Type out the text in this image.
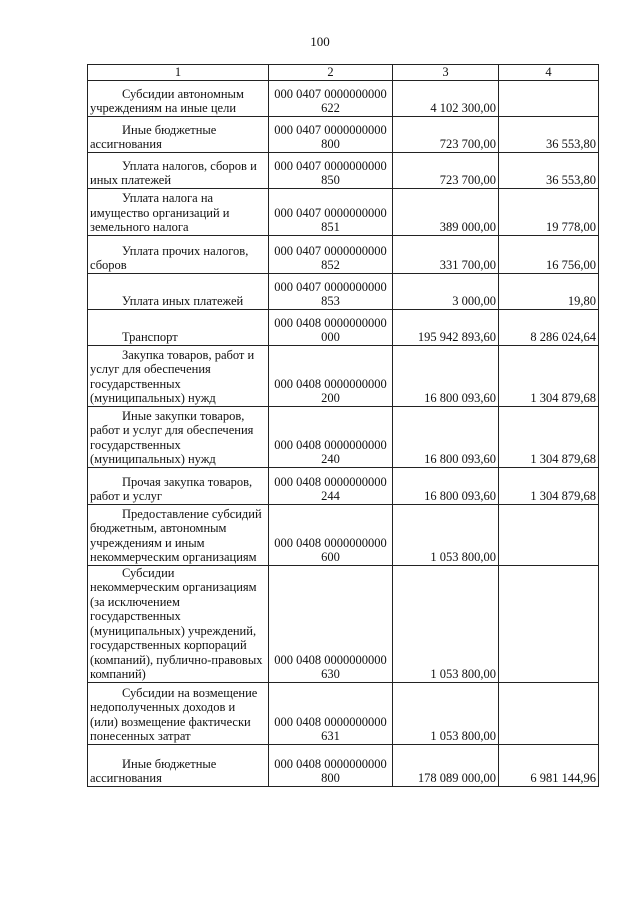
100
1	2	3	4
Субсидии автономным учреждениям на иные цели	000 0407 0000000000 622	4 102 300,00	
Иные бюджетные ассигнования	000 0407 0000000000 800	723 700,00	36 553,80
Уплата налогов, сборов и иных платежей	000 0407 0000000000 850	723 700,00	36 553,80
Уплата налога на имущество организаций и земельного налога	000 0407 0000000000 851	389 000,00	19 778,00
Уплата прочих налогов, сборов	000 0407 0000000000 852	331 700,00	16 756,00
Уплата иных платежей	000 0407 0000000000 853	3 000,00	19,80
Транспорт	000 0408 0000000000 000	195 942 893,60	8 286 024,64
Закупка товаров, работ и услуг для обеспечения государственных (муниципальных) нужд	000 0408 0000000000 200	16 800 093,60	1 304 879,68
Иные закупки товаров, работ и услуг для обеспечения государственных (муниципальных) нужд	000 0408 0000000000 240	16 800 093,60	1 304 879,68
Прочая закупка товаров, работ и услуг	000 0408 0000000000 244	16 800 093,60	1 304 879,68
Предоставление субсидий бюджетным, автономным учреждениям и иным некоммерческим организациям	000 0408 0000000000 600	1 053 800,00	
Субсидии некоммерческим организациям (за исключением государственных (муниципальных) учреждений, государственных корпораций (компаний), публично-правовых компаний)	000 0408 0000000000 630	1 053 800,00	
Субсидии на возмещение недополученных доходов и (или) возмещение фактически понесенных затрат	000 0408 0000000000 631	1 053 800,00	
Иные бюджетные ассигнования	000 0408 0000000000 800	178 089 000,00	6 981 144,96
